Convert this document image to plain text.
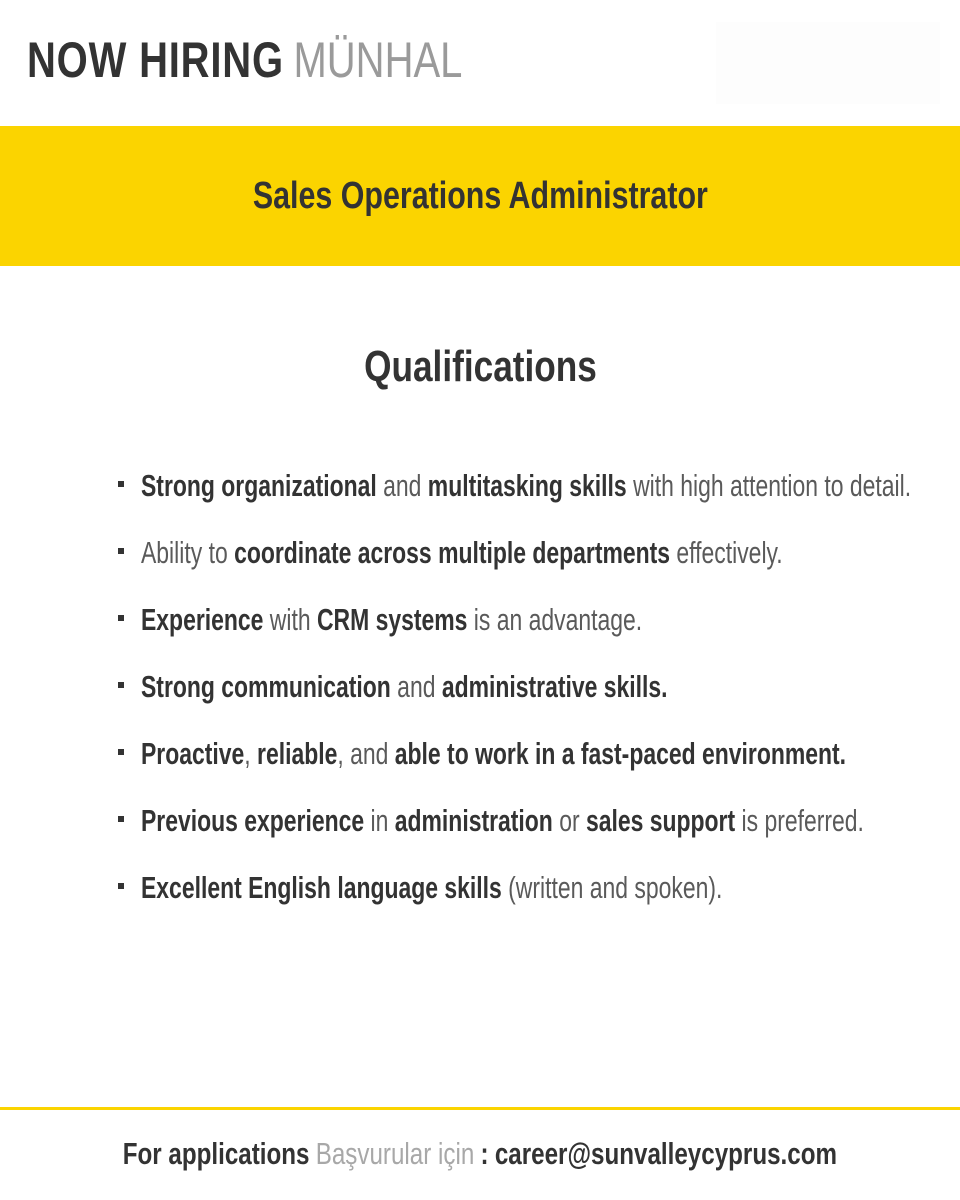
NOW HIRING MÜNHAL
Sales Operations Administrator
Qualifications
Strong organizational and multitasking skills with high attention to detail.
Ability to coordinate across multiple departments effectively.
Experience with CRM systems is an advantage.
Strong communication and administrative skills.
Proactive, reliable, and able to work in a fast-paced environment.
Previous experience in administration or sales support is preferred.
Excellent English language skills (written and spoken).
For applications Başvurular için : career@sunvalleycyprus.com
